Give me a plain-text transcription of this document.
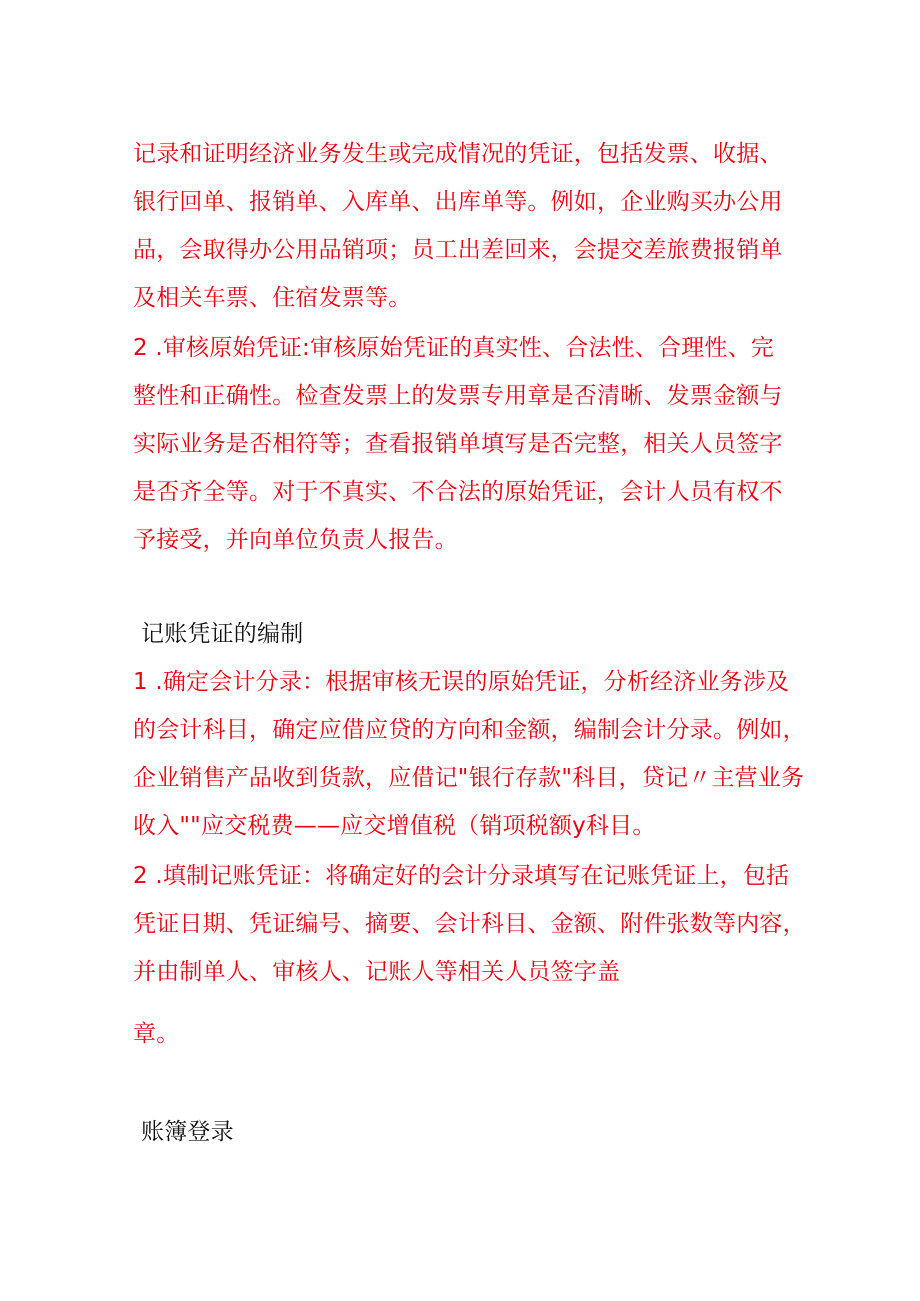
记录和证明经济业务发生或完成情况的凭证，包括发票、收据、
银行回单、报销单、入库单、出库单等。例如，企业购买办公用
品，会取得办公用品销项；员工出差回来，会提交差旅费报销单
及相关车票、住宿发票等。
2 .审核原始凭证:审核原始凭证的真实性、合法性、合理性、完
整性和正确性。检查发票上的发票专用章是否清晰、发票金额与
实际业务是否相符等；查看报销单填写是否完整，相关人员签字
是否齐全等。对于不真实、不合法的原始凭证，会计人员有权不
予接受，并向单位负责人报告。
记账凭证的编制
1 .确定会计分录：根据审核无误的原始凭证，分析经济业务涉及
的会计科目，确定应借应贷的方向和金额，编制会计分录。例如，
企业销售产品收到货款，应借记"银行存款"科目，贷记〃主营业务
收入""应交税费——应交增值税（销项税额y科目。
2 .填制记账凭证：将确定好的会计分录填写在记账凭证上，包括
凭证日期、凭证编号、摘要、会计科目、金额、附件张数等内容，
并由制单人、审核人、记账人等相关人员签字盖
章。
账簿登录
